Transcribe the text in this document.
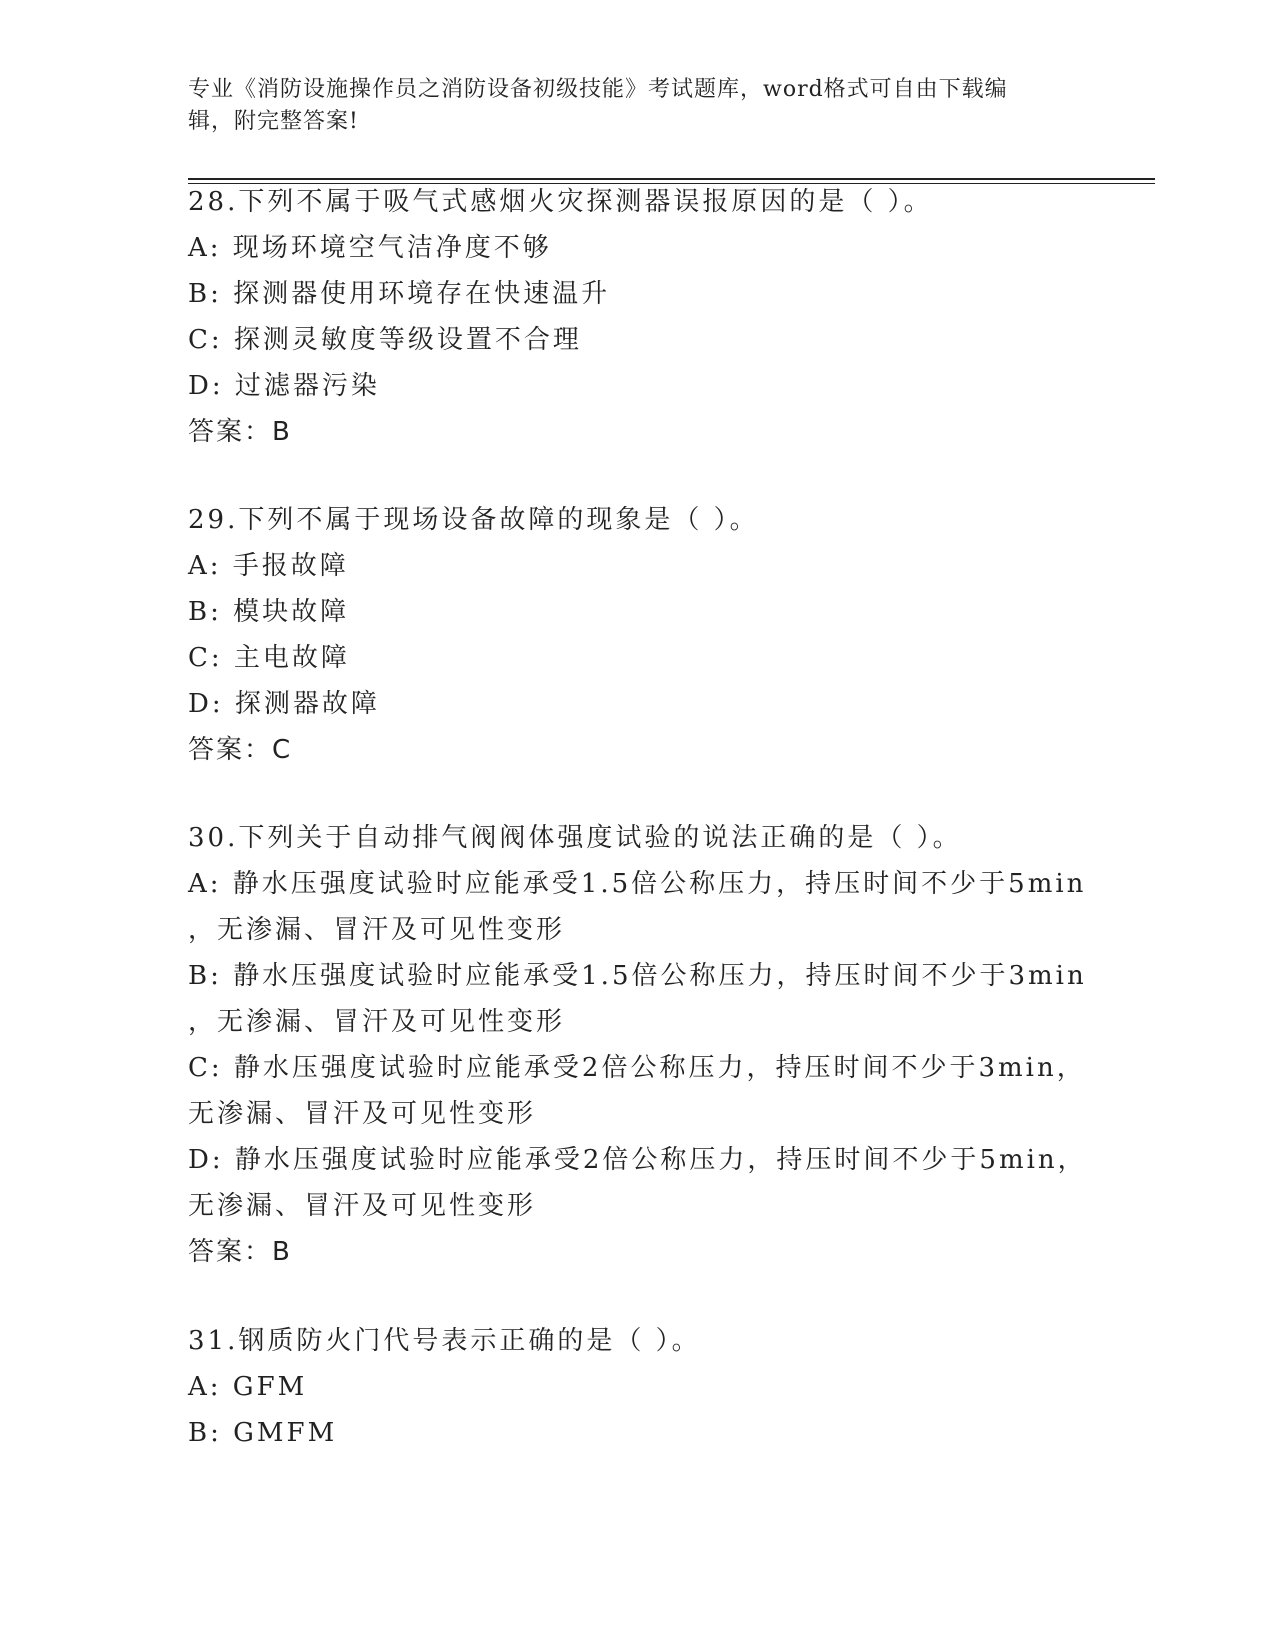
专业《消防设施操作员之消防设备初级技能》考试题库，word格式可自由下载编
辑，附完整答案!
28.下列不属于吸气式感烟火灾探测器误报原因的是（ ）。
A: 现场环境空气洁净度不够
B: 探测器使用环境存在快速温升
C: 探测灵敏度等级设置不合理
D: 过滤器污染
答案：B
29.下列不属于现场设备故障的现象是（ ）。
A: 手报故障
B: 模块故障
C: 主电故障
D: 探测器故障
答案：C
30.下列关于自动排气阀阀体强度试验的说法正确的是（ ）。
A: 静水压强度试验时应能承受1.5倍公称压力，持压时间不少于5min
，无渗漏、冒汗及可见性变形
B: 静水压强度试验时应能承受1.5倍公称压力，持压时间不少于3min
，无渗漏、冒汗及可见性变形
C: 静水压强度试验时应能承受2倍公称压力，持压时间不少于3min，
无渗漏、冒汗及可见性变形
D: 静水压强度试验时应能承受2倍公称压力，持压时间不少于5min，
无渗漏、冒汗及可见性变形
答案：B
31.钢质防火门代号表示正确的是（ ）。
A: GFM
B: GMFM
